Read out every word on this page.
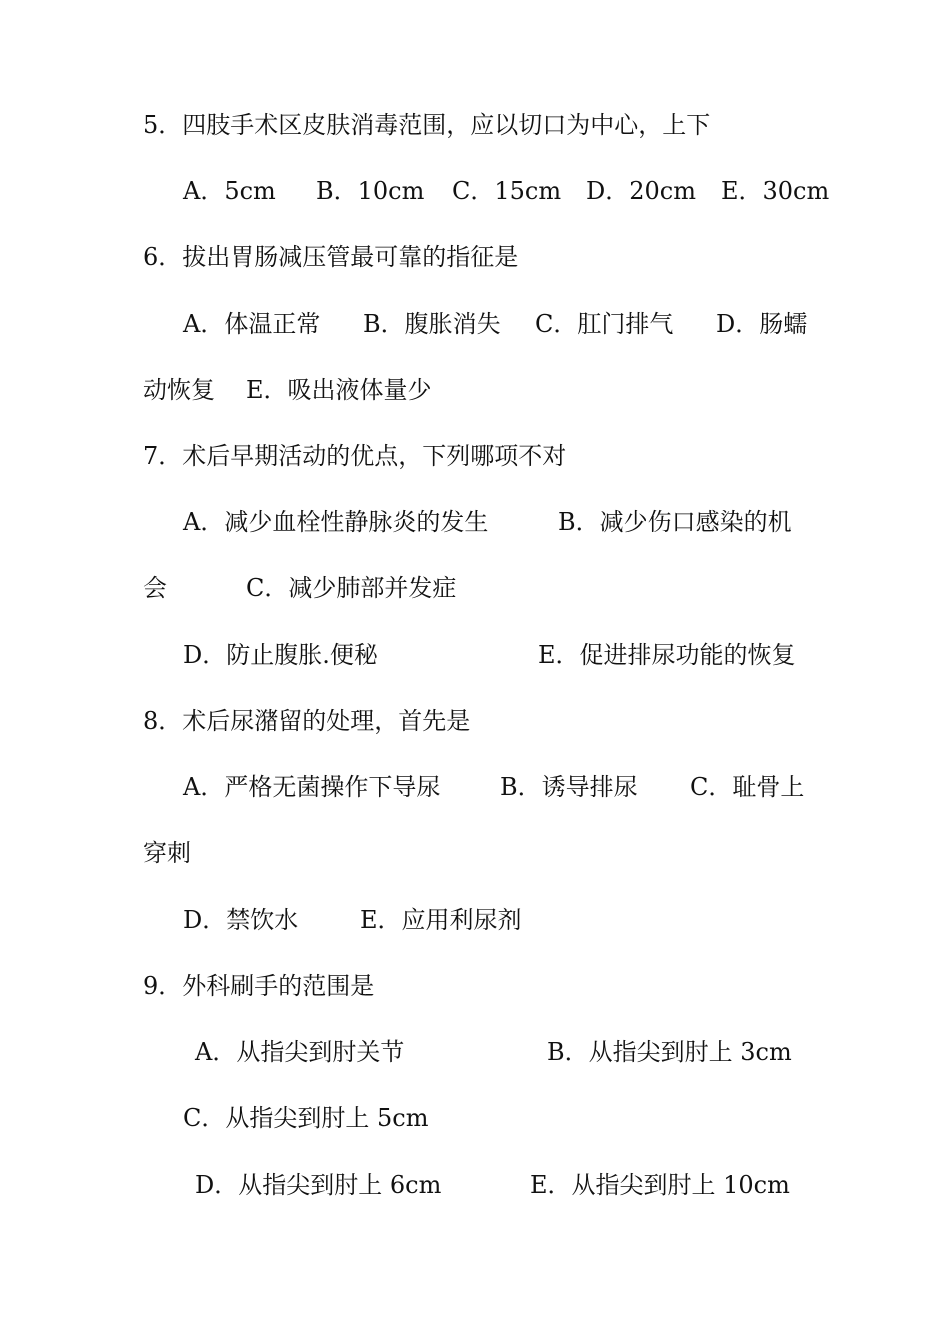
5．四肢手术区皮肤消毒范围，应以切口为中心，上下
A．5cm B．10cm C．15cm D．20cm E．30cm
6．拔出胃肠减压管最可靠的指征是
A．体温正常 B．腹胀消失 C．肛门排气 D．肠蠕
动恢复 E．吸出液体量少
7．术后早期活动的优点，下列哪项不对
A．减少血栓性静脉炎的发生	B．减少伤口感染的机
会	C．减少肺部并发症
D．防止腹胀.便秘	E．促进排尿功能的恢复
8．术后尿潴留的处理，首先是
A．严格无菌操作下导尿 B．诱导排尿 C．耻骨上
穿刺
D．禁饮水	E．应用利尿剂
9．外科刷手的范围是
A．从指尖到肘关节	B．从指尖到肘上 3cm
C．从指尖到肘上 5cm
D．从指尖到肘上 6cm	E．从指尖到肘上 10cm
